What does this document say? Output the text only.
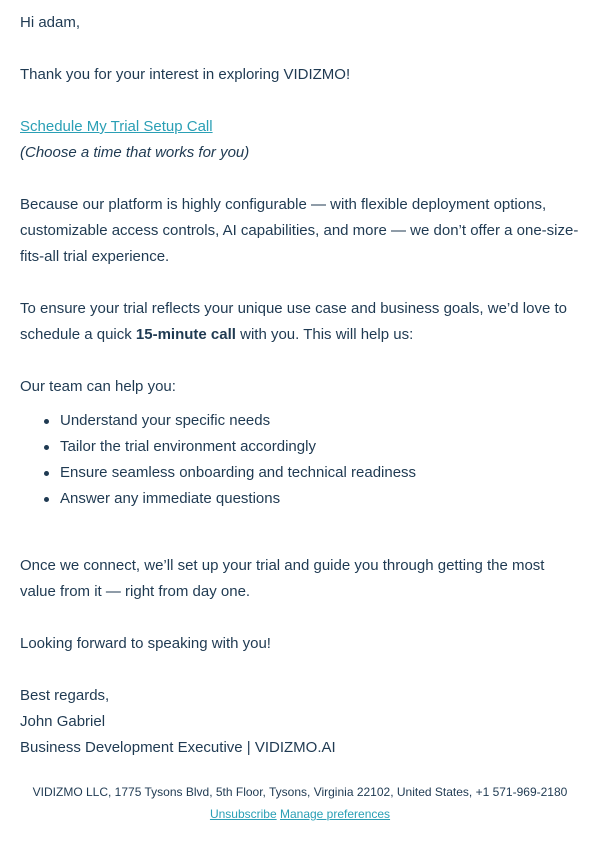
Hi adam,

Thank you for your interest in exploring VIDIZMO!

Schedule My Trial Setup Call

(Choose a time that works for you)

Because our platform is highly configurable — with flexible deployment options, customizable access controls, AI capabilities, and more — we don’t offer a one-size-fits-all trial experience.

To ensure your trial reflects your unique use case and business goals, we’d love to schedule a quick 15-minute call with you. This will help us:

Our team can help you:

Understand your specific needs
Tailor the trial environment accordingly
Ensure seamless onboarding and technical readiness
Answer any immediate questions

Once we connect, we’ll set up your trial and guide you through getting the most value from it — right from day one.

Looking forward to speaking with you!

Best regards,

John Gabriel

Business Development Executive | VIDIZMO.AI

VIDIZMO LLC, 1775 Tysons Blvd, 5th Floor, Tysons, Virginia 22102, United States, +1 571-969-2180
Unsubscribe Manage preferences
